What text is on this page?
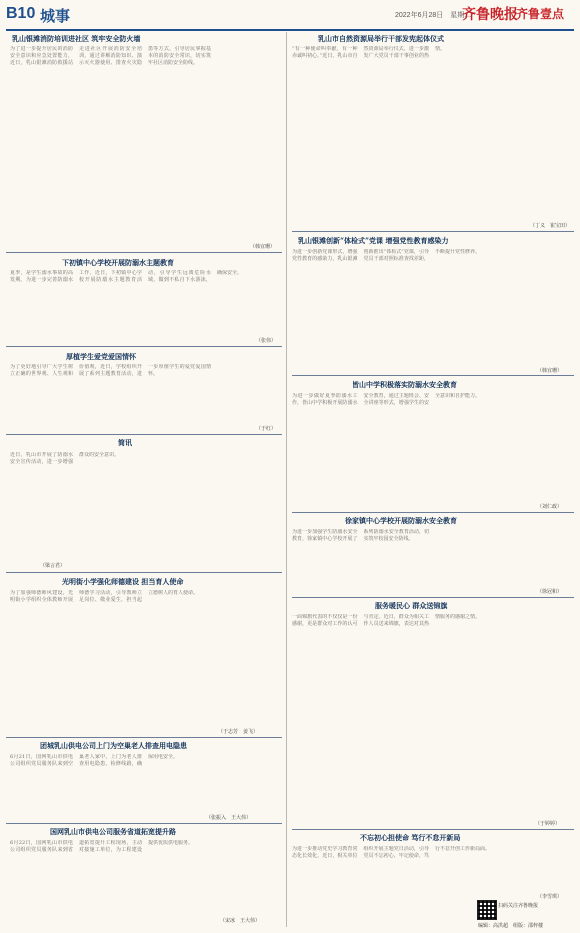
B10 城事	2022年6月28日　星期二
齐鲁晚报
齐鲁壹点
乳山银滩消防培训进社区 筑牢安全防火墙
为了进一步提升居民的消防安全意识和应急处置能力，近日，乳山银滩消防救援站走进社区开展消防安全培训，通过讲解消防知识、演示灭火器使用、排查火灾隐患等方式，引导居民掌握基本的消防安全常识，切实筑牢社区消防安全防线。
（韩宜珊）
下初镇中心学校开展防溺水主题教育
夏季，是学生溺水事故的高发期。为进一步完善防溺水工作，近日，下初镇中心学校开展防溺水主题教育活动，引导学生远离危险水域，做到不私自下水游泳，确保安全。
（张伟）
厚植学生爱党爱国情怀
为了更好地引导广大学生树立正确的世界观、人生观和价值观，近日，学校组织开展了系列主题教育活动，进一步厚植学生的爱党爱国情怀。
（于红）
简讯
近日，乳山市开展了防溺水安全宣传活动，进一步增强群众的安全意识。
（梁言君）
光明街小学强化师德建设 担当育人使命
为了加强师德师风建设，光明街小学组织全体教师开展师德学习活动，引导教师立足岗位、敬业爱生，担当起立德树人的育人使命。
（于志芳　姜飞）
团城乳山供电公司上门为空巢老人排查用电隐患
6月21日，国网乳山市供电公司组织党员服务队来到空巢老人家中，上门为老人排查用电隐患，检修线路，确保用电安全。
（张振入　王大伟）
国网乳山市供电公司服务省道拓宽提升路
6月22日，国网乳山市供电公司组织党员服务队来到省道拓宽提升工程现场，主动对接施工单位，为工程建设提供优质供电服务。
（宋冰　王大伟）
乳山市自然资源局举行干部发宪起体仪式
“有一种使命叫奉献，有一种赤诚叫初心。”近日，乳山市自然资源局举行仪式，进一步激发广大党员干部干事创业的热情。
（丁义　崔宝田）
乳山银滩创新“体检式”党课 增强党性教育感染力
为进一步创新党课形式，增强党性教育的感染力，乳山银滩创新推出“体检式”党课，引导党员干部对照标准查找差距，不断提升党性修养。
（韩宜珊）
皆山中学积极落实防溺水安全教育
为进一步做好夏季防溺水工作，皆山中学积极开展防溺水安全教育，通过主题班会、安全讲座等形式，增强学生的安全意识和自护能力。
（刘仁政）
徐家镇中心学校开展防溺水安全教育
为进一步加强学生防溺水安全教育，徐家镇中心学校开展了系列防溺水安全教育活动，切实筑牢校园安全防线。
（徐冠和）
服务暖民心 群众送锦旗
一面锦旗代表的不仅仅是一份感谢，更是群众对工作的认可与肯定。近日，群众为相关工作人员送来锦旗，表达对其热情服务的感谢之情。
（于婷婷）
不忘初心担使命 笃行不怠开新局
为进一步推动党史学习教育常态化长效化，近日，相关单位组织开展主题党日活动，引导党员不忘初心、牢记使命，笃行不怠开创工作新局面。
（李雪琪）
扫码关注齐鲁晚报
编辑：高洪超　组版：邵梓楼
